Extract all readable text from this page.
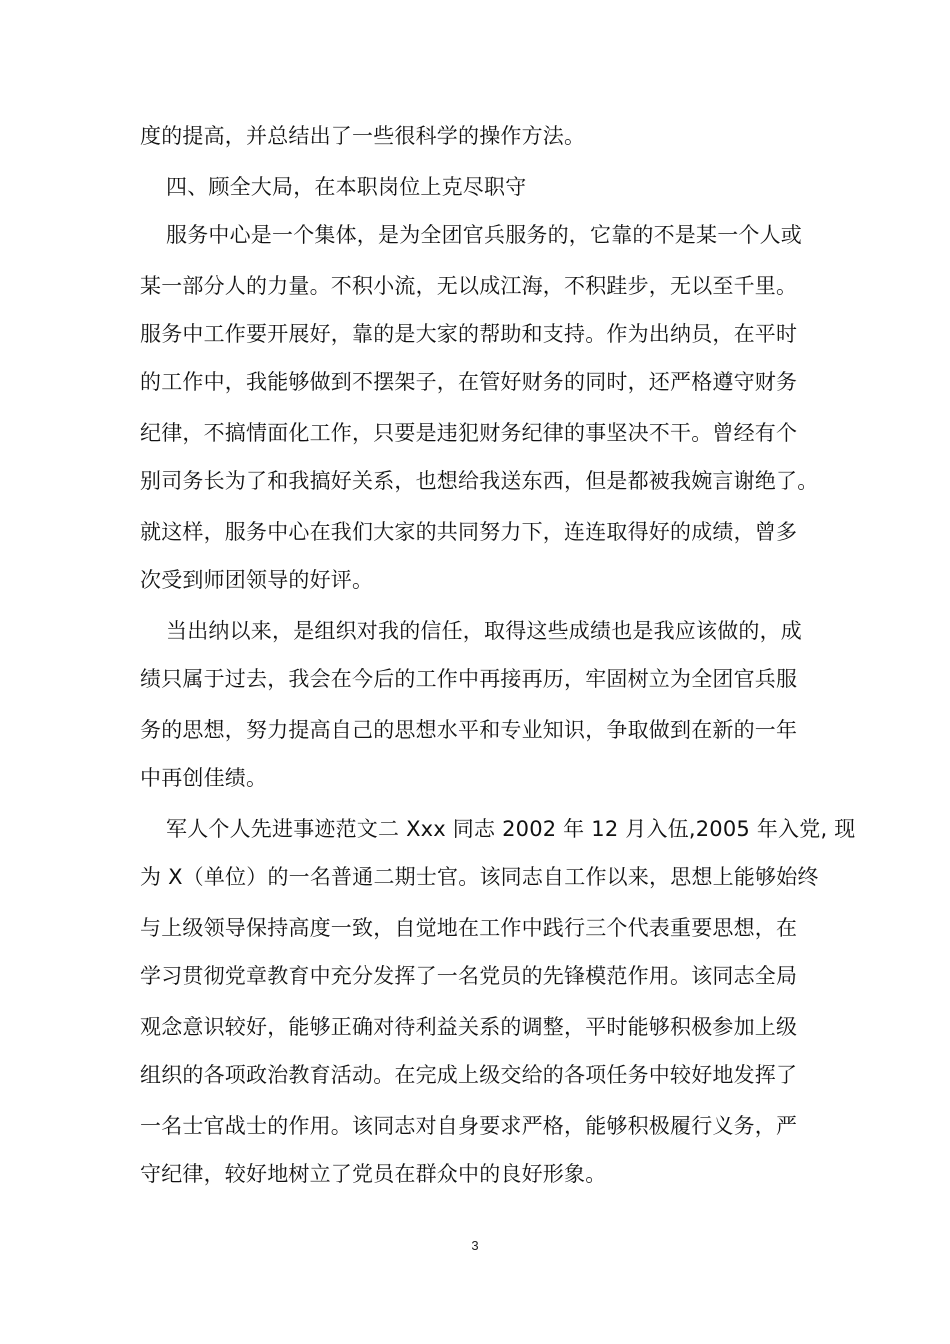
度的提高，并总结出了一些很科学的操作方法。
四、顾全大局，在本职岗位上克尽职守
服务中心是一个集体，是为全团官兵服务的，它靠的不是某一个人或
某一部分人的力量。不积小流，无以成江海，不积跬步，无以至千里。
服务中工作要开展好，靠的是大家的帮助和支持。作为出纳员，在平时
的工作中，我能够做到不摆架子，在管好财务的同时，还严格遵守财务
纪律，不搞情面化工作，只要是违犯财务纪律的事坚决不干。曾经有个
别司务长为了和我搞好关系，也想给我送东西，但是都被我婉言谢绝了。
就这样，服务中心在我们大家的共同努力下，连连取得好的成绩，曾多
次受到师团领导的好评。
当出纳以来，是组织对我的信任，取得这些成绩也是我应该做的，成
绩只属于过去，我会在今后的工作中再接再历，牢固树立为全团官兵服
务的思想，努力提高自己的思想水平和专业知识，争取做到在新的一年
中再创佳绩。
军人个人先进事迹范文二 Xxx 同志 2002 年 12 月入伍,2005 年入党, 现
为 X（单位）的一名普通二期士官。该同志自工作以来，思想上能够始终
与上级领导保持高度一致，自觉地在工作中践行三个代表重要思想，在
学习贯彻党章教育中充分发挥了一名党员的先锋模范作用。该同志全局
观念意识较好，能够正确对待利益关系的调整，平时能够积极参加上级
组织的各项政治教育活动。在完成上级交给的各项任务中较好地发挥了
一名士官战士的作用。该同志对自身要求严格，能够积极履行义务，严
守纪律，较好地树立了党员在群众中的良好形象。
3
